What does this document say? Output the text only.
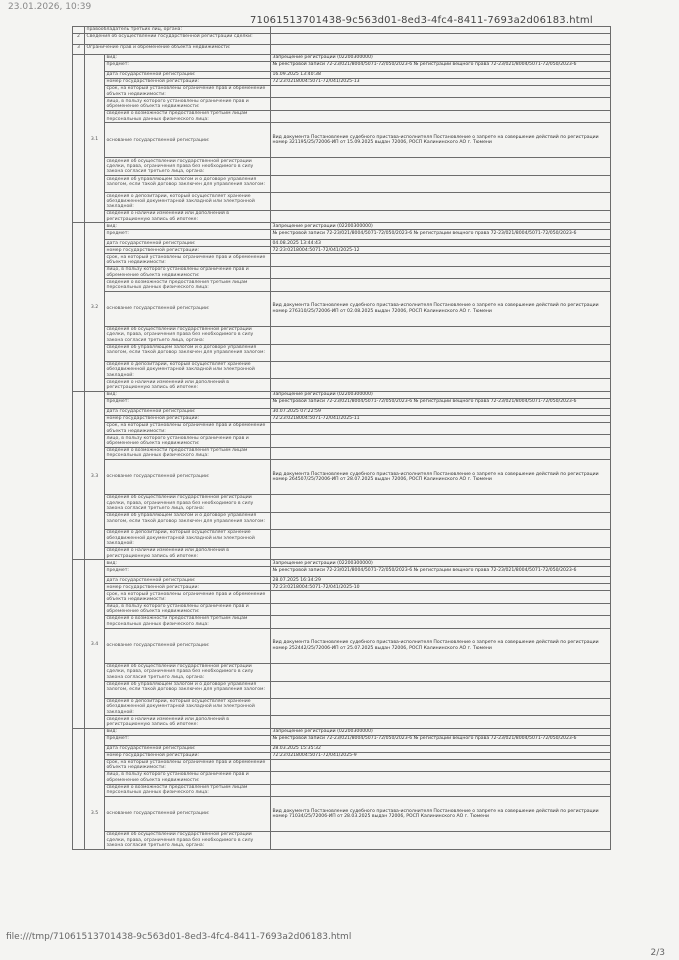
23.01.2026, 10:39
71061513701438-9c563d01-8ed3-4fc4-8411-7693a2d06183.html
	правообладатель третьих лиц, органа:		
2	Сведения об осуществлении государственной регистрации сделки:		
3	Ограничение прав и обременение объекта недвижимости:		
	3.1	вид:	Запрещение регистрации (02200300000)
		предмет:	№ реестровой записи 72-23/021/8004/5071-72/050/2023-6 № регистрации вещного права 72-23/021/8004/5071-72/050/2023-6
		дата государственной регистрации:	16.09.2025 13:40:38
		номер государственной регистрации:	72:23:0218004:5071-72/041/2025-13
		срок, на который установлены ограничение прав и обременение объекта недвижимости:	
		лицо, в пользу которого установлены ограничение прав и обременение объекта недвижимости:	
		сведения о возможности предоставления третьим лицам персональных данных физического лица:	
		основание государственной регистрации:	Вид документа Постановление судебного пристава-исполнителя Постановление о запрете на совершение действий по регистрации номер 321195/25/72006-ИП от 15.09.2025 выдан 72006, РОСП Калининского АО г. Тюмени
		сведения об осуществлении государственной регистрации сделки, права, ограничения права без необходимого в силу закона согласия третьего лица, органа:	
		сведения об управляющем залогом и о договоре управления залогом, если такой договор заключен для управления залогом:	
		сведения о депозитарии, который осуществляет хранение обездвиженной документарной закладной или электронной закладной:	
		сведения о наличии изменений или дополнений в регистрационную запись об ипотеке:	
	3.2	вид:	Запрещение регистрации (02200300000)
		предмет:	№ реестровой записи 72-23/021/8004/5071-72/050/2023-6 № регистрации вещного права 72-23/021/8004/5071-72/050/2023-6
		дата государственной регистрации:	04.08.2025 13:44:43
		номер государственной регистрации:	72:23:0218004:5071-72/041/2025-12
		срок, на который установлены ограничение прав и обременение объекта недвижимости:	
		лицо, в пользу которого установлены ограничение прав и обременение объекта недвижимости:	
		сведения о возможности предоставления третьим лицам персональных данных физического лица:	
		основание государственной регистрации:	Вид документа Постановление судебного пристава-исполнителя Постановление о запрете на совершение действий по регистрации номер 276310/25/72006-ИП от 02.08.2025 выдан 72006, РОСП Калининского АО г. Тюмени
		сведения об осуществлении государственной регистрации сделки, права, ограничения права без необходимого в силу закона согласия третьего лица, органа:	
		сведения об управляющем залогом и о договоре управления залогом, если такой договор заключен для управления залогом:	
		сведения о депозитарии, который осуществляет хранение обездвиженной документарной закладной или электронной закладной:	
		сведения о наличии изменений или дополнений в регистрационную запись об ипотеке:	
	3.3	вид:	Запрещение регистрации (02200300000)
		предмет:	№ реестровой записи 72-23/021/8004/5071-72/050/2023-6 № регистрации вещного права 72-23/021/8004/5071-72/050/2023-6
		дата государственной регистрации:	30.07.2025 07:22:59
		номер государственной регистрации:	72:23:0218004:5071-72/041/2025-11
		срок, на который установлены ограничение прав и обременение объекта недвижимости:	
		лицо, в пользу которого установлены ограничение прав и обременение объекта недвижимости:	
		сведения о возможности предоставления третьим лицам персональных данных физического лица:	
		основание государственной регистрации:	Вид документа Постановление судебного пристава-исполнителя Постановление о запрете на совершение действий по регистрации номер 264507/25/72006-ИП от 28.07.2025 выдан 72006, РОСП Калининского АО г. Тюмени
		сведения об осуществлении государственной регистрации сделки, права, ограничения права без необходимого в силу закона согласия третьего лица, органа:	
		сведения об управляющем залогом и о договоре управления залогом, если такой договор заключен для управления залогом:	
		сведения о депозитарии, который осуществляет хранение обездвиженной документарной закладной или электронной закладной:	
		сведения о наличии изменений или дополнений в регистрационную запись об ипотеке:	
	3.4	вид:	Запрещение регистрации (02200300000)
		предмет:	№ реестровой записи 72-23/021/8004/5071-72/050/2023-6 № регистрации вещного права 72-23/021/8004/5071-72/050/2023-6
		дата государственной регистрации:	28.07.2025 16:34:29
		номер государственной регистрации:	72:23:0218004:5071-72/041/2025-10
		срок, на который установлены ограничение прав и обременение объекта недвижимости:	
		лицо, в пользу которого установлены ограничение прав и обременение объекта недвижимости:	
		сведения о возможности предоставления третьим лицам персональных данных физического лица:	
		основание государственной регистрации:	Вид документа Постановление судебного пристава-исполнителя Постановление о запрете на совершение действий по регистрации номер 252442/25/72006-ИП от 25.07.2025 выдан 72006, РОСП Калининского АО г. Тюмени
		сведения об осуществлении государственной регистрации сделки, права, ограничения права без необходимого в силу закона согласия третьего лица, органа:	
		сведения об управляющем залогом и о договоре управления залогом, если такой договор заключен для управления залогом:	
		сведения о депозитарии, который осуществляет хранение обездвиженной документарной закладной или электронной закладной:	
		сведения о наличии изменений или дополнений в регистрационную запись об ипотеке:	
	3.5	вид:	Запрещение регистрации (02200300000)
		предмет:	№ реестровой записи 72-23/021/8004/5071-72/050/2023-6 № регистрации вещного права 72-23/021/8004/5071-72/050/2023-6
		дата государственной регистрации:	28.03.2025 15:35:32
		номер государственной регистрации:	72:23:0218004:5071-72/041/2025-9
		срок, на который установлены ограничение прав и обременение объекта недвижимости:	
		лицо, в пользу которого установлены ограничение прав и обременение объекта недвижимости:	
		сведения о возможности предоставления третьим лицам персональных данных физического лица:	
		основание государственной регистрации:	Вид документа Постановление судебного пристава-исполнителя Постановление о запрете на совершение действий по регистрации номер 71034/25/72006-ИП от 28.03.2025 выдан 72006, РОСП Калининского АО г. Тюмени
		сведения об осуществлении государственной регистрации сделки, права, ограничения права без необходимого в силу закона согласия третьего лица, органа:	
file:///tmp/71061513701438-9c563d01-8ed3-4fc4-8411-7693a2d06183.html
2/3
